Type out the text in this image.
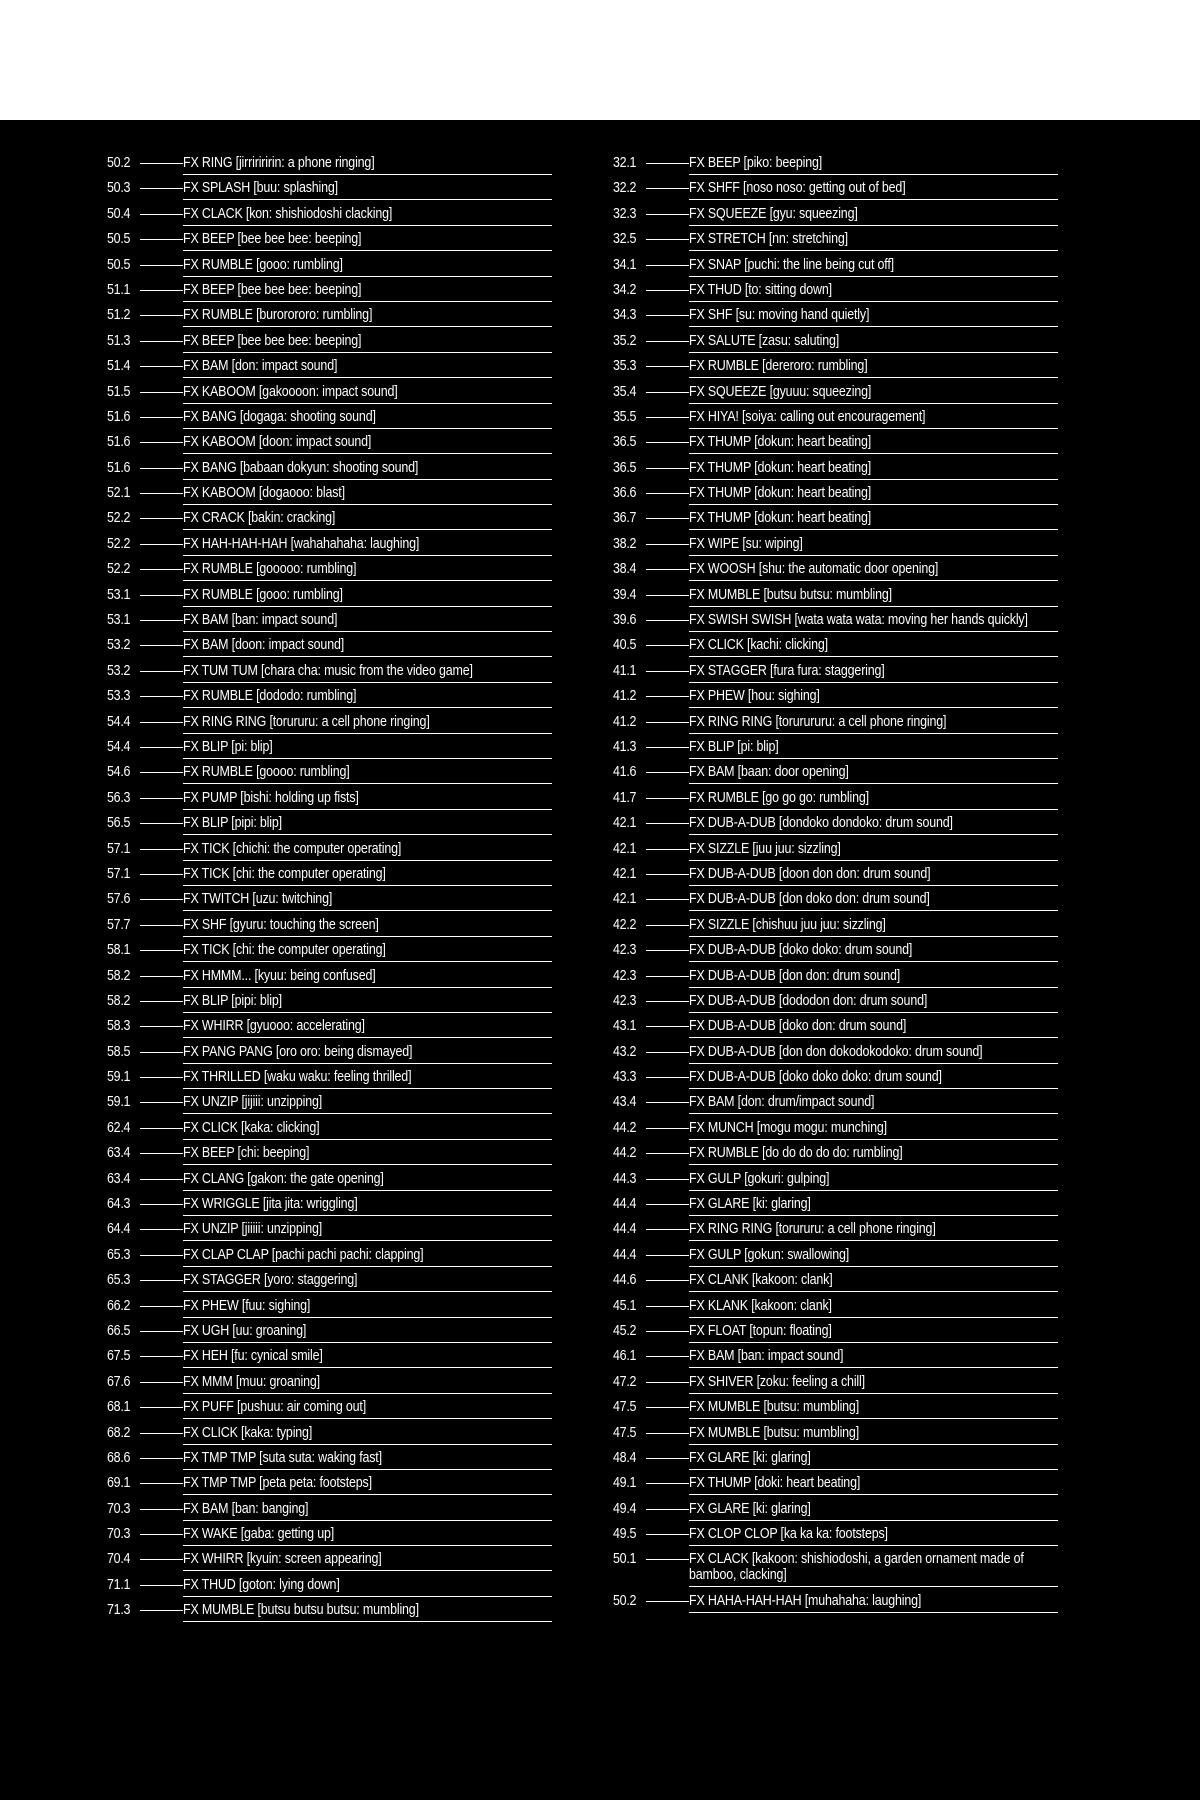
50.2	FX RING [jirririririn: a phone ringing]
50.3	FX SPLASH [buu: splashing]
50.4	FX CLACK [kon: shishiodoshi clacking]
50.5	FX BEEP [bee bee bee: beeping]
50.5	FX RUMBLE [gooo: rumbling]
51.1	FX BEEP [bee bee bee: beeping]
51.2	FX RUMBLE [burorororo: rumbling]
51.3	FX BEEP [bee bee bee: beeping]
51.4	FX BAM [don: impact sound]
51.5	FX KABOOM [gakoooon: impact sound]
51.6	FX BANG [dogaga: shooting sound]
51.6	FX KABOOM [doon: impact sound]
51.6	FX BANG [babaan dokyun: shooting sound]
52.1	FX KABOOM [dogaooo: blast]
52.2	FX CRACK [bakin: cracking]
52.2	FX HAH-HAH-HAH [wahahahaha: laughing]
52.2	FX RUMBLE [gooooo: rumbling]
53.1	FX RUMBLE [gooo: rumbling]
53.1	FX BAM [ban: impact sound]
53.2	FX BAM [doon: impact sound]
53.2	FX TUM TUM [chara cha: music from the video game]
53.3	FX RUMBLE [dododo: rumbling]
54.4	FX RING RING [torururu: a cell phone ringing]
54.4	FX BLIP [pi: blip]
54.6	FX RUMBLE [goooo: rumbling]
56.3	FX PUMP [bishi: holding up fists]
56.5	FX BLIP [pipi: blip]
57.1	FX TICK [chichi: the computer operating]
57.1	FX TICK [chi: the computer operating]
57.6	FX TWITCH [uzu: twitching]
57.7	FX SHF [gyuru: touching the screen]
58.1	FX TICK [chi: the computer operating]
58.2	FX HMMM... [kyuu: being confused]
58.2	FX BLIP [pipi: blip]
58.3	FX WHIRR [gyuooo: accelerating]
58.5	FX PANG PANG [oro oro: being dismayed]
59.1	FX THRILLED [waku waku: feeling thrilled]
59.1	FX UNZIP [jijiii: unzipping]
62.4	FX CLICK [kaka: clicking]
63.4	FX BEEP [chi: beeping]
63.4	FX CLANG [gakon: the gate opening]
64.3	FX WRIGGLE [jita jita: wriggling]
64.4	FX UNZIP [jiiiii: unzipping]
65.3	FX CLAP CLAP [pachi pachi pachi: clapping]
65.3	FX STAGGER [yoro: staggering]
66.2	FX PHEW [fuu: sighing]
66.5	FX UGH [uu: groaning]
67.5	FX HEH [fu: cynical smile]
67.6	FX MMM [muu: groaning]
68.1	FX PUFF [pushuu: air coming out]
68.2	FX CLICK [kaka: typing]
68.6	FX TMP TMP [suta suta: waking fast]
69.1	FX TMP TMP [peta peta: footsteps]
70.3	FX BAM [ban: banging]
70.3	FX WAKE [gaba: getting up]
70.4	FX WHIRR [kyuin: screen appearing]
71.1	FX THUD [goton: lying down]
71.3	FX MUMBLE [butsu butsu butsu: mumbling]
32.1	FX BEEP [piko: beeping]
32.2	FX SHFF [noso noso: getting out of bed]
32.3	FX SQUEEZE [gyu: squeezing]
32.5	FX STRETCH [nn: stretching]
34.1	FX SNAP [puchi: the line being cut off]
34.2	FX THUD [to: sitting down]
34.3	FX SHF [su: moving hand quietly]
35.2	FX SALUTE [zasu: saluting]
35.3	FX RUMBLE [dererorο: rumbling]
35.4	FX SQUEEZE [gyuuu: squeezing]
35.5	FX HIYA! [soiya: calling out encouragement]
36.5	FX THUMP [dokun: heart beating]
36.5	FX THUMP [dokun: heart beating]
36.6	FX THUMP [dokun: heart beating]
36.7	FX THUMP [dokun: heart beating]
38.2	FX WIPE [su: wiping]
38.4	FX WOOSH [shu: the automatic door opening]
39.4	FX MUMBLE [butsu butsu: mumbling]
39.6	FX SWISH SWISH [wata wata wata: moving her hands quickly]
40.5	FX CLICK [kachi: clicking]
41.1	FX STAGGER [fura fura: staggering]
41.2	FX PHEW [hou: sighing]
41.2	FX RING RING [torurururu: a cell phone ringing]
41.3	FX BLIP [pi: blip]
41.6	FX BAM [baan: door opening]
41.7	FX RUMBLE [go go go: rumbling]
42.1	FX DUB-A-DUB [dondoko dondoko: drum sound]
42.1	FX SIZZLE [juu juu: sizzling]
42.1	FX DUB-A-DUB [doon don don: drum sound]
42.1	FX DUB-A-DUB [don doko don: drum sound]
42.2	FX SIZZLE [chishuu juu juu: sizzling]
42.3	FX DUB-A-DUB [doko doko: drum sound]
42.3	FX DUB-A-DUB [don don: drum sound]
42.3	FX DUB-A-DUB [dododon don: drum sound]
43.1	FX DUB-A-DUB [doko don: drum sound]
43.2	FX DUB-A-DUB [don don dokodokodoko: drum sound]
43.3	FX DUB-A-DUB [doko doko doko: drum sound]
43.4	FX BAM [don: drum/impact sound]
44.2	FX MUNCH [mogu mogu: munching]
44.2	FX RUMBLE [do do do do do: rumbling]
44.3	FX GULP [gokuri: gulping]
44.4	FX GLARE [ki: glaring]
44.4	FX RING RING [torururu: a cell phone ringing]
44.4	FX GULP [gokun: swallowing]
44.6	FX CLANK [kakoon: clank]
45.1	FX KLANK [kakoon: clank]
45.2	FX FLOAT [topun: floating]
46.1	FX BAM [ban: impact sound]
47.2	FX SHIVER [zoku: feeling a chill]
47.5	FX MUMBLE [butsu: mumbling]
47.5	FX MUMBLE [butsu: mumbling]
48.4	FX GLARE [ki: glaring]
49.1	FX THUMP [doki: heart beating]
49.4	FX GLARE [ki: glaring]
49.5	FX CLOP CLOP [ka ka ka: footsteps]
50.1	FX CLACK [kakoon: shishiodoshi, a garden ornament made of bamboo, clacking]
50.2	FX HAHA-HAH-HAH [muhahaha: laughing]
